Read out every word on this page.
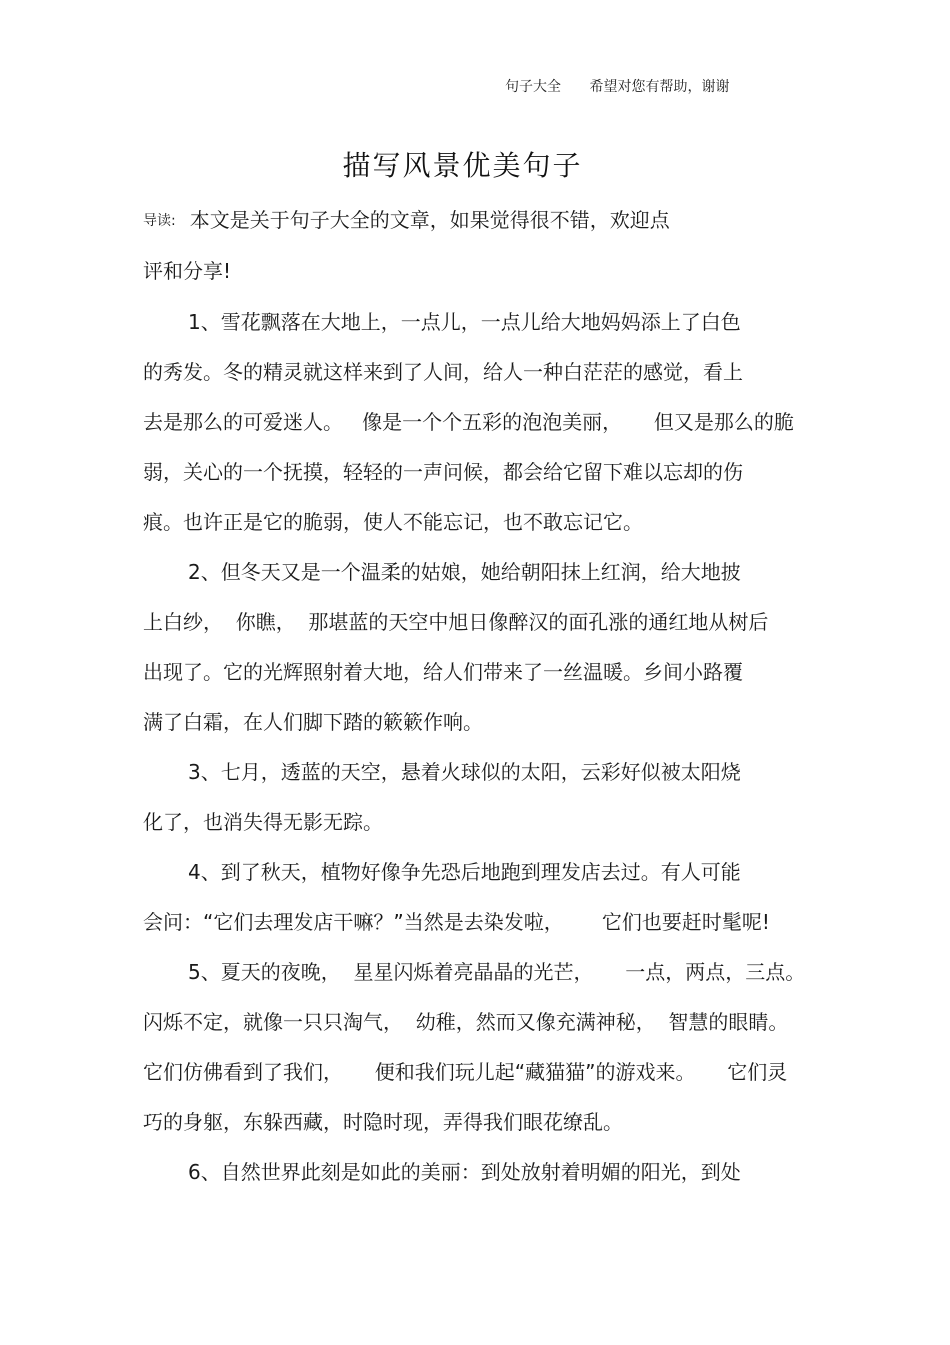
句子大全 希望对您有帮助，谢谢
描写风景优美句子
导读: 本文是关于句子大全的文章，如果觉得很不错，欢迎点
评和分享!
1、雪花飘落在大地上，一点儿，一点儿给大地妈妈添上了白色
的秀发。冬的精灵就这样来到了人间，给人一种白茫茫的感觉，看上
去是那么的可爱迷人。   像是一个个五彩的泡泡美丽，     但又是那么的脆
弱，关心的一个抚摸，轻轻的一声问候，都会给它留下难以忘却的伤
痕。也许正是它的脆弱，使人不能忘记，也不敢忘记它。
2、但冬天又是一个温柔的姑娘，她给朝阳抹上红润，给大地披
上白纱，  你瞧，  那堪蓝的天空中旭日像醉汉的面孔涨的通红地从树后
出现了。它的光辉照射着大地，给人们带来了一丝温暖。乡间小路覆
满了白霜，在人们脚下踏的簌簌作响。
3、七月，透蓝的天空，悬着火球似的太阳，云彩好似被太阳烧
化了，也消失得无影无踪。
4、到了秋天，植物好像争先恐后地跑到理发店去过。有人可能
会问：“它们去理发店干嘛？”当然是去染发啦，      它们也要赶时髦呢!
5、夏天的夜晚，  星星闪烁着亮晶晶的光芒，     一点，两点，三点。
闪烁不定，就像一只只淘气，  幼稚，然而又像充满神秘，  智慧的眼睛。
它们仿佛看到了我们，     便和我们玩儿起“藏猫猫”的游戏来。     它们灵
巧的身躯，东躲西藏，时隐时现，弄得我们眼花缭乱。
6、自然世界此刻是如此的美丽：到处放射着明媚的阳光，到处
